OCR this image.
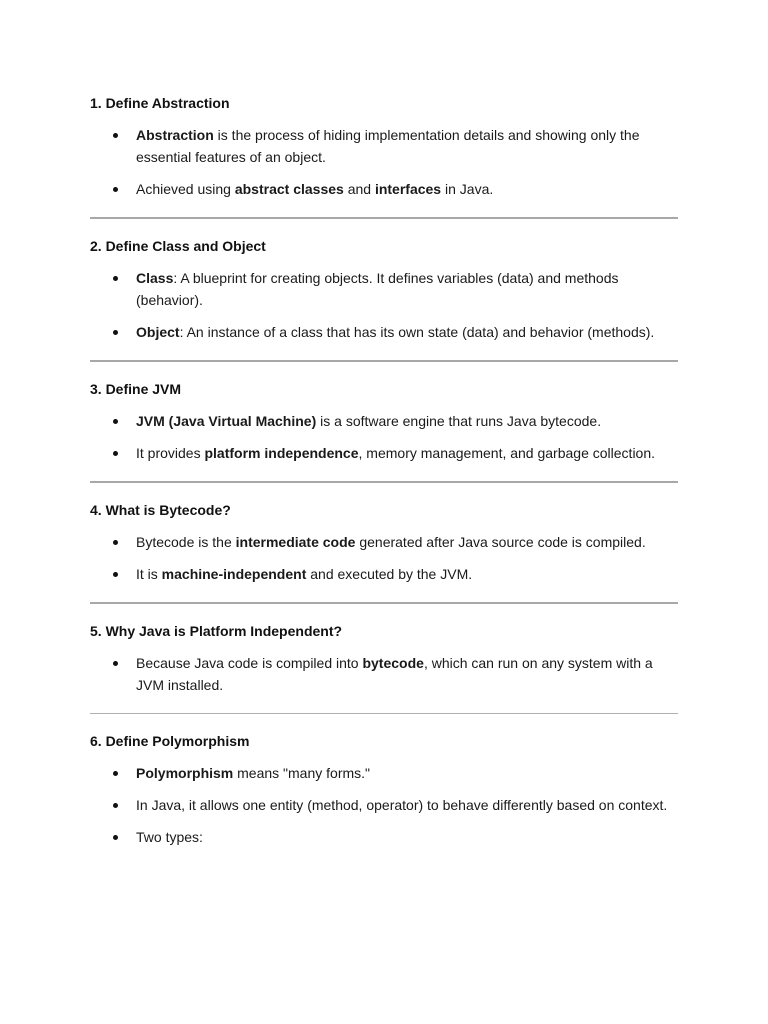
1. Define Abstraction
Abstraction is the process of hiding implementation details and showing only the essential features of an object.
Achieved using abstract classes and interfaces in Java.
2. Define Class and Object
Class: A blueprint for creating objects. It defines variables (data) and methods (behavior).
Object: An instance of a class that has its own state (data) and behavior (methods).
3. Define JVM
JVM (Java Virtual Machine) is a software engine that runs Java bytecode.
It provides platform independence, memory management, and garbage collection.
4. What is Bytecode?
Bytecode is the intermediate code generated after Java source code is compiled.
It is machine-independent and executed by the JVM.
5. Why Java is Platform Independent?
Because Java code is compiled into bytecode, which can run on any system with a JVM installed.
6. Define Polymorphism
Polymorphism means "many forms."
In Java, it allows one entity (method, operator) to behave differently based on context.
Two types:
